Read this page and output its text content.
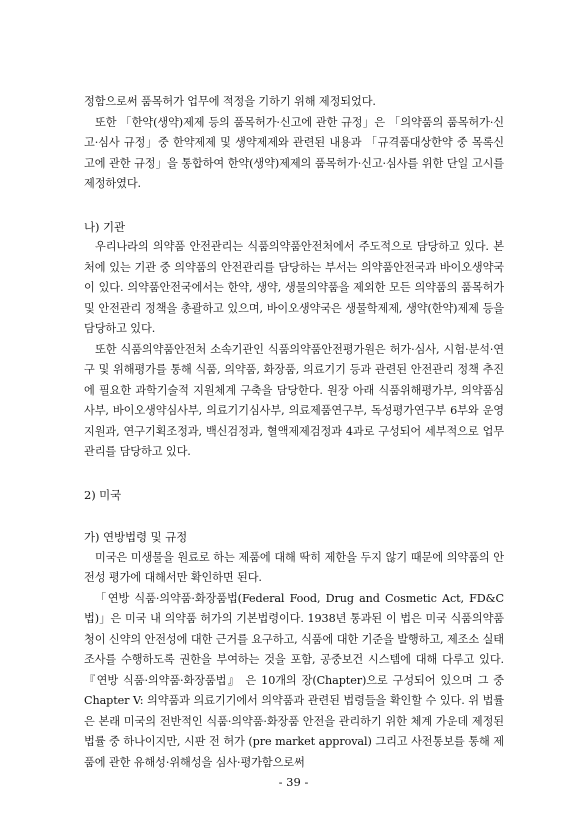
정함으로써 품목허가 업무에 적정을 기하기 위해 제정되었다.

또한 「한약(생약)제제 등의 품목허가·신고에 관한 규정」은 「의약품의 품목허가·신고·심사 규정」중 한약제제 및 생약제제와 관련된 내용과 「규격품대상한약 중 목록신고에 관한 규정」을 통합하여 한약(생약)제제의 품목허가·신고·심사를 위한 단일 고시를 제정하였다.

나) 기관

우리나라의 의약품 안전관리는 식품의약품안전처에서 주도적으로 담당하고 있다. 본처에 있는 기관 중 의약품의 안전관리를 담당하는 부서는 의약품안전국과 바이오생약국이 있다. 의약품안전국에서는 한약, 생약, 생물의약품을 제외한 모든 의약품의 품목허가 및 안전관리 정책을 총괄하고 있으며, 바이오생약국은 생물학제제, 생약(한약)제제 등을 담당하고 있다.

또한 식품의약품안전처 소속기관인 식품의약품안전평가원은 허가·심사, 시험·분석·연구 및 위해평가를 통해 식품, 의약품, 화장품, 의료기기 등과 관련된 안전관리 정책 추진에 필요한 과학기술적 지원체계 구축을 담당한다. 원장 아래 식품위해평가부, 의약품심사부, 바이오생약심사부, 의료기기심사부, 의료제품연구부, 독성평가연구부 6부와 운영지원과, 연구기획조정과, 백신검정과, 혈액제제검정과 4과로 구성되어 세부적으로 업무관리를 담당하고 있다.

2) 미국

가) 연방법령 및 규정

미국은 미생물을 원료로 하는 제품에 대해 딱히 제한을 두지 않기 때문에 의약품의 안전성 평가에 대해서만 확인하면 된다.

「연방 식품·의약품·화장품법(Federal Food, Drug and Cosmetic Act, FD&C법)」은 미국 내 의약품 허가의 기본법령이다. 1938년 통과된 이 법은 미국 식품의약품청이 신약의 안전성에 대한 근거를 요구하고, 식품에 대한 기준을 발행하고, 제조소 실태조사를 수행하도록 권한을 부여하는 것을 포함, 공중보건 시스템에 대해 다루고 있다. 『연방 식품·의약품·화장품법』 은 10개의 장(Chapter)으로 구성되어 있으며 그 중 Chapter V: 의약품과 의료기기에서 의약품과 관련된 법령들을 확인할 수 있다. 위 법률은 본래 미국의 전반적인 식품·의약품·화장품 안전을 관리하기 위한 체계 가운데 제정된 법률 중 하나이지만, 시판 전 허가 (pre market approval) 그리고 사전통보를 통해 제품에 관한 유해성·위해성을 심사·평가함으로써

- 39 -
